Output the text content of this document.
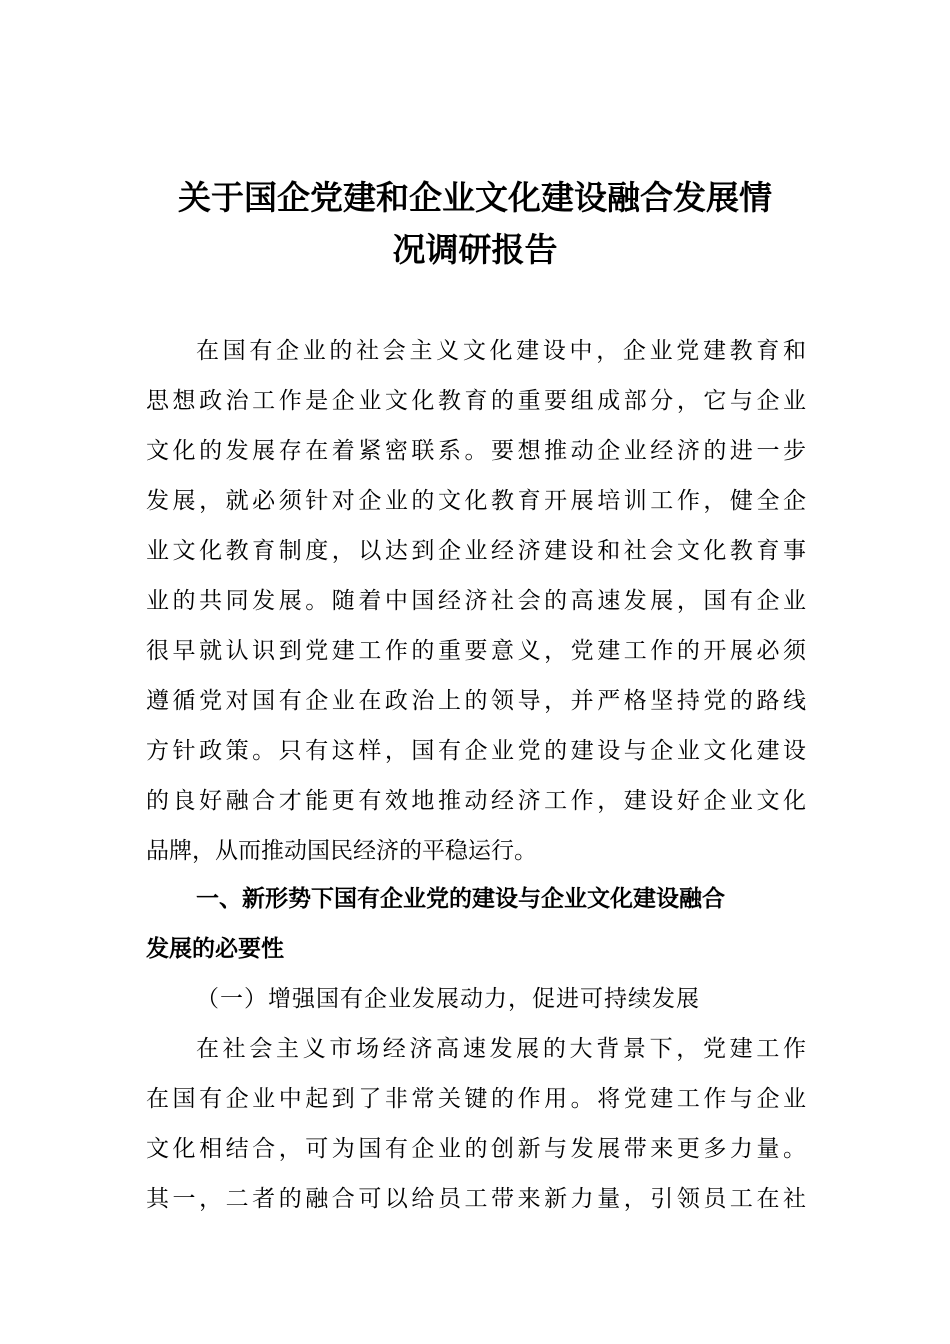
关于国企党建和企业文化建设融合发展情
况调研报告
在国有企业的社会主义文化建设中，企业党建教育和
思想政治工作是企业文化教育的重要组成部分，它与企业
文化的发展存在着紧密联系。要想推动企业经济的进一步
发展，就必须针对企业的文化教育开展培训工作，健全企
业文化教育制度，以达到企业经济建设和社会文化教育事
业的共同发展。随着中国经济社会的高速发展，国有企业
很早就认识到党建工作的重要意义，党建工作的开展必须
遵循党对国有企业在政治上的领导，并严格坚持党的路线
方针政策。只有这样，国有企业党的建设与企业文化建设
的良好融合才能更有效地推动经济工作，建设好企业文化
品牌，从而推动国民经济的平稳运行。
一、新形势下国有企业党的建设与企业文化建设融合
发展的必要性
（一）增强国有企业发展动力，促进可持续发展
在社会主义市场经济高速发展的大背景下，党建工作
在国有企业中起到了非常关键的作用。将党建工作与企业
文化相结合，可为国有企业的创新与发展带来更多力量。
其一，二者的融合可以给员工带来新力量，引领员工在社
